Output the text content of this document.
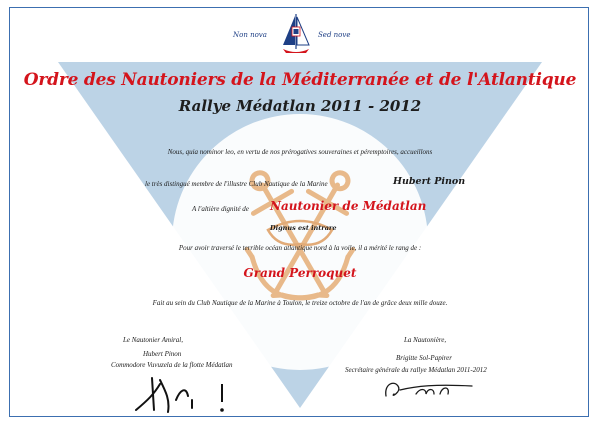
Non nova	Sed nove
Ordre des Nautoniers de la Méditerranée et de l'Atlantique
Rallye Médatlan 2011 - 2012
Nous, quia nominor leo, en vertu de nos prérogatives souveraines et péremptoires, accueillons
le très distingué membre de l'illustre Club Nautique de la Marine	Hubert Pinon
A l'altière dignité de Nautonier de Médatlan
Dignus est intrare
Pour avoir traversé le terrible océan atlantique nord à la voile, il a mérité le rang de :
Grand Perroquet
Fait au sein du Club Nautique de la Marine à Toulon, le treize octobre de l'an de grâce deux mille douze.
Le Nautonier Amiral,
Hubert Pinon
Commodore Vuvuzela de la flotte Médatlan
La Nautonière,
Brigitte Sol-Papirer
Secrétaire générale du rallye Médatlan 2011-2012
